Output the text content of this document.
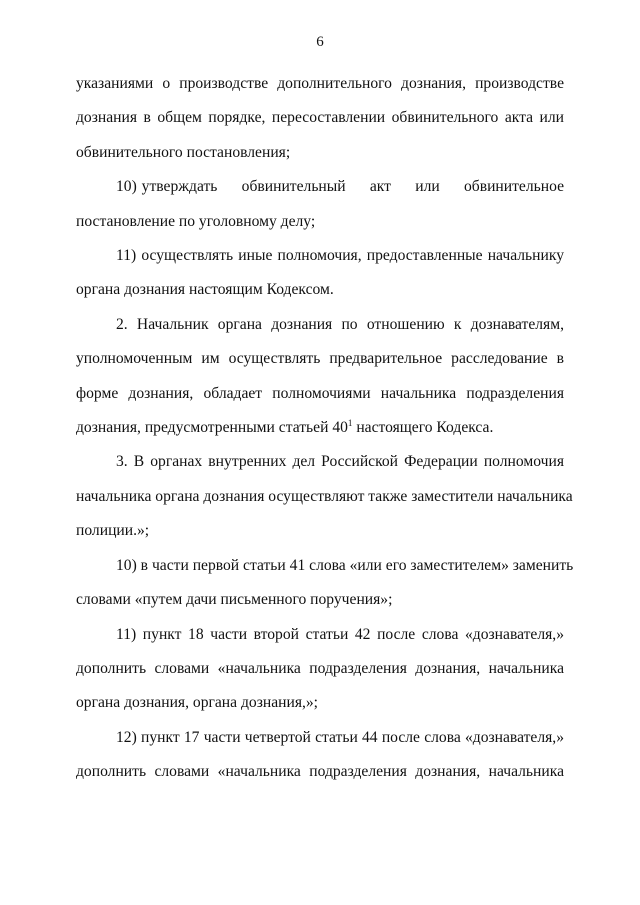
6
указаниями о производстве дополнительного дознания, производстве
дознания в общем порядке, пересоставлении обвинительного акта или
обвинительного постановления;
10) утверждать     обвинительный     акт     или     обвинительное
постановление по уголовному делу;
11) осуществлять иные полномочия, предоставленные начальнику
органа дознания настоящим Кодексом.
2. Начальник органа дознания по отношению к дознавателям,
уполномоченным им осуществлять предварительное расследование в
форме дознания, обладает полномочиями начальника подразделения
дознания, предусмотренными статьей $40^1$ настоящего Кодекса.
3. В органах внутренних дел Российской Федерации полномочия
начальника органа дознания осуществляют также заместители начальника
полиции.»;
10) в части первой статьи 41 слова «или его заместителем» заменить
словами «путем дачи письменного поручения»;
11) пункт 18 части второй статьи 42 после слова «дознавателя,»
дополнить словами «начальника подразделения дознания, начальника
органа дознания, органа дознания,»;
12) пункт 17 части четвертой статьи 44 после слова «дознавателя,»
дополнить словами «начальника подразделения дознания, начальника
